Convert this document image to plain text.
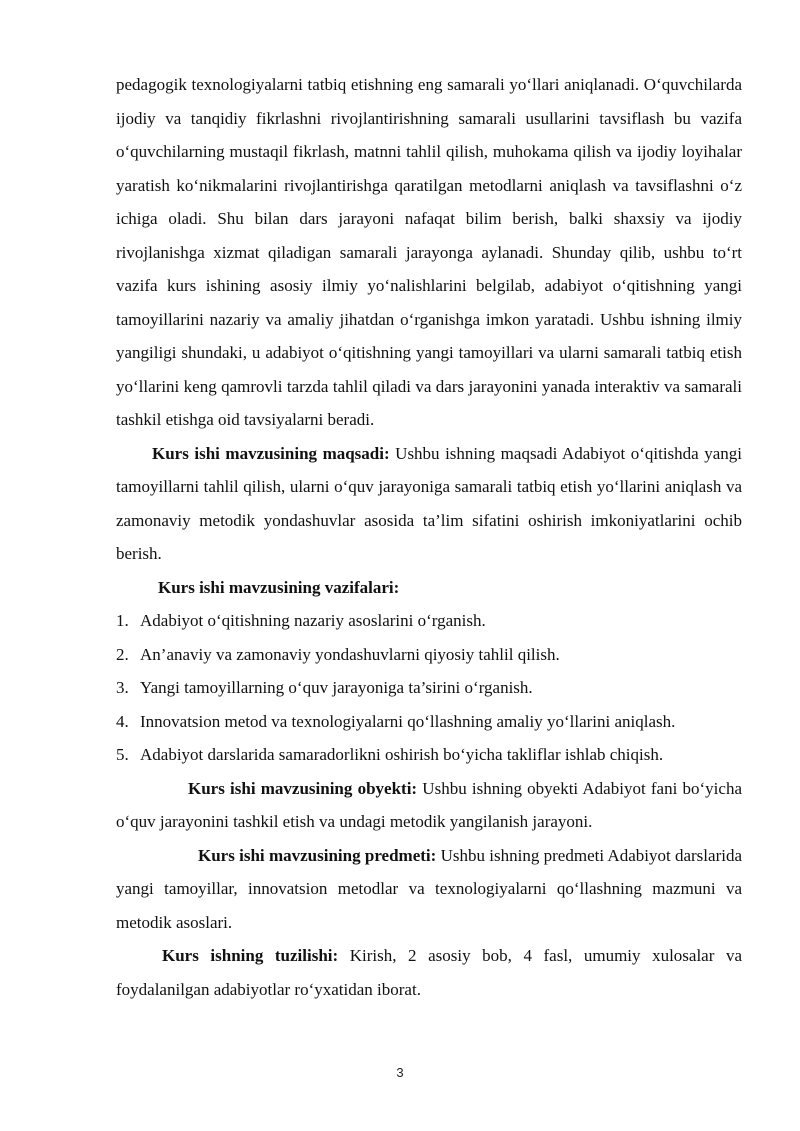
pedagogik texnologiyalarni tatbiq etishning eng samarali yo‘llari aniqlanadi. O‘quvchilarda ijodiy va tanqidiy fikrlashni rivojlantirishning samarali usullarini tavsiflash bu vazifa o‘quvchilarning mustaqil fikrlash, matnni tahlil qilish, muhokama qilish va ijodiy loyihalar yaratish ko‘nikmalarini rivojlantirishga qaratilgan metodlarni aniqlash va tavsiflashni o‘z ichiga oladi. Shu bilan dars jarayoni nafaqat bilim berish, balki shaxsiy va ijodiy rivojlanishga xizmat qiladigan samarali jarayonga aylanadi. Shunday qilib, ushbu to‘rt vazifa kurs ishining asosiy ilmiy yo‘nalishlarini belgilab, adabiyot o‘qitishning yangi tamoyillarini nazariy va amaliy jihatdan o‘rganishga imkon yaratadi. Ushbu ishning ilmiy yangiligi shundaki, u adabiyot o‘qitishning yangi tamoyillari va ularni samarali tatbiq etish yo‘llarini keng qamrovli tarzda tahlil qiladi va dars jarayonini yanada interaktiv va samarali tashkil etishga oid tavsiyalarni beradi.

Kurs ishi mavzusining maqsadi: Ushbu ishning maqsadi Adabiyot o‘qitishda yangi tamoyillarni tahlil qilish, ularni o‘quv jarayoniga samarali tatbiq etish yo‘llarini aniqlash va zamonaviy metodik yondashuvlar asosida ta’lim sifatini oshirish imkoniyatlarini ochib berish.

Kurs ishi mavzusining vazifalari:

1. Adabiyot o‘qitishning nazariy asoslarini o‘rganish.
2. An’anaviy va zamonaviy yondashuvlarni qiyosiy tahlil qilish.
3. Yangi tamoyillarning o‘quv jarayoniga ta’sirini o‘rganish.
4. Innovatsion metod va texnologiyalarni qo‘llashning amaliy yo‘llarini aniqlash.
5. Adabiyot darslarida samaradorlikni oshirish bo‘yicha takliflar ishlab chiqish.

Kurs ishi mavzusining obyekti: Ushbu ishning obyekti Adabiyot fani bo‘yicha o‘quv jarayonini tashkil etish va undagi metodik yangilanish jarayoni.

Kurs ishi mavzusining predmeti: Ushbu ishning predmeti Adabiyot darslarida yangi tamoyillar, innovatsion metodlar va texnologiyalarni qo‘llashning mazmuni va metodik asoslari.

Kurs ishning tuzilishi: Kirish, 2 asosiy bob, 4 fasl, umumiy xulosalar va foydalanilgan adabiyotlar ro‘yxatidan iborat.

3
